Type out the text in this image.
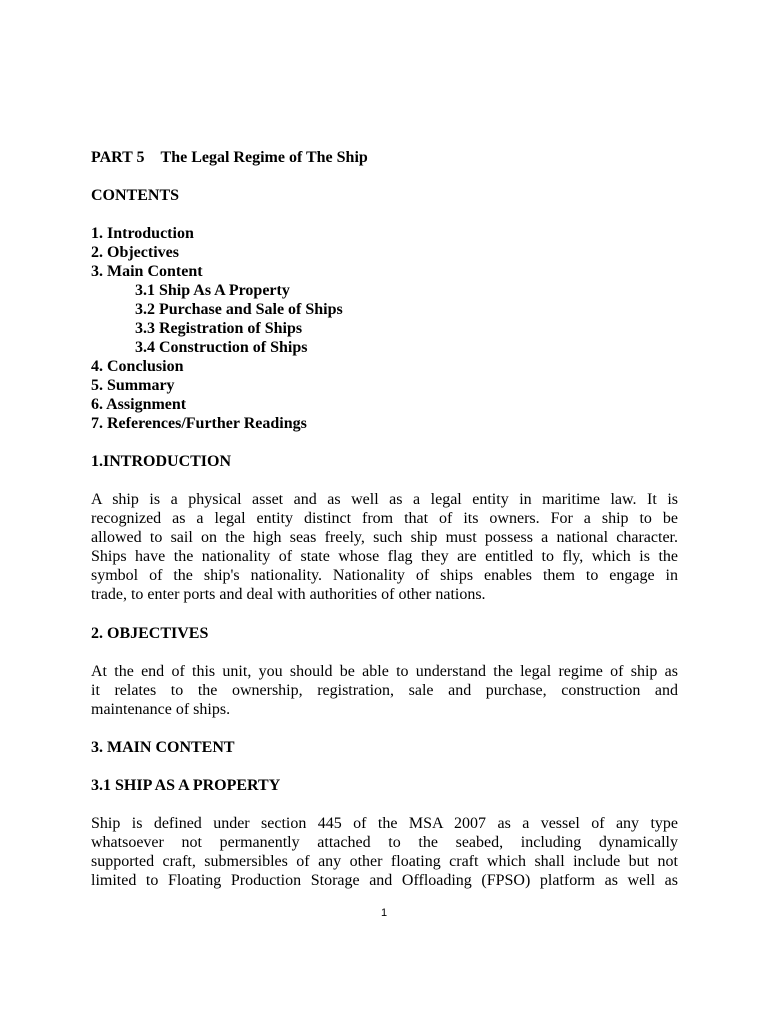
PART 5 The Legal Regime of The Ship
CONTENTS
1. Introduction
2. Objectives
3. Main Content
3.1 Ship As A Property
3.2 Purchase and Sale of Ships
3.3 Registration of Ships
3.4 Construction of Ships
4. Conclusion
5. Summary
6. Assignment
7. References/Further Readings
1.INTRODUCTION
A ship is a physical asset and as well as a legal entity in maritime law. It is
recognized as a legal entity distinct from that of its owners. For a ship to be
allowed to sail on the high seas freely, such ship must possess a national character.
Ships have the nationality of state whose flag they are entitled to fly, which is the
symbol of the ship's nationality. Nationality of ships enables them to engage in
trade, to enter ports and deal with authorities of other nations.
2. OBJECTIVES
At the end of this unit, you should be able to understand the legal regime of ship as
it relates to the ownership, registration, sale and purchase, construction and
maintenance of ships.
3. MAIN CONTENT
3.1 SHIP AS A PROPERTY
Ship is defined under section 445 of the MSA 2007 as a vessel of any type
whatsoever not permanently attached to the seabed, including dynamically
supported craft, submersibles of any other floating craft which shall include but not
limited to Floating Production Storage and Offloading (FPSO) platform as well as
1
